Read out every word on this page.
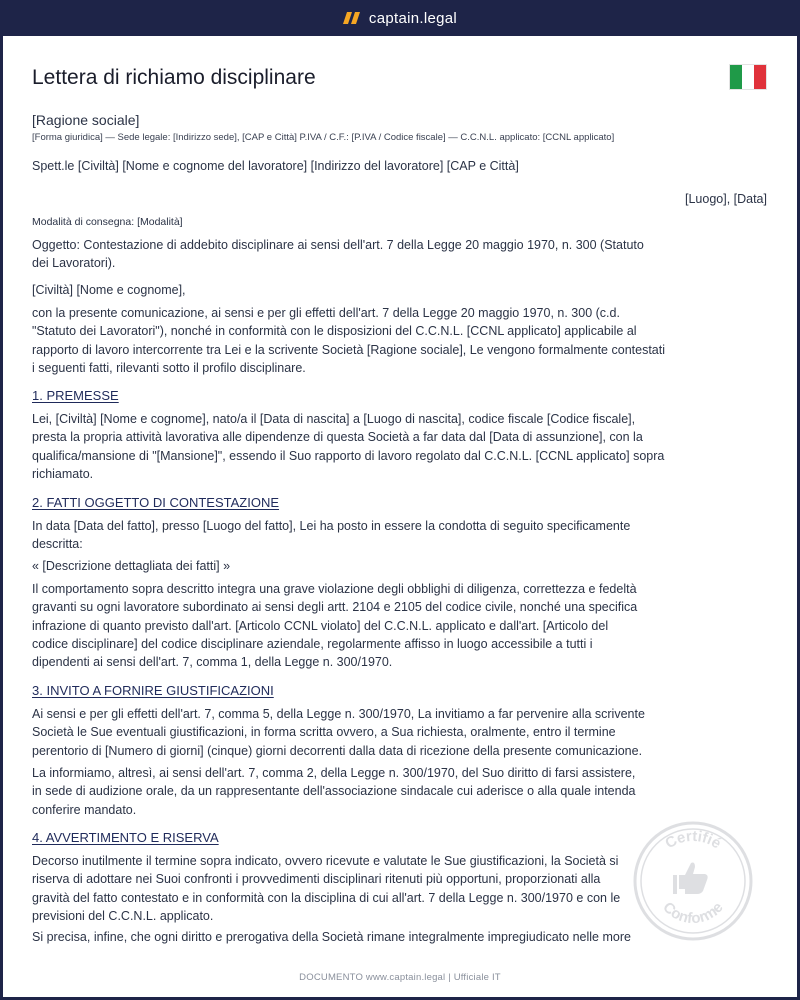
captain.legal
Lettera di richiamo disciplinare
[Ragione sociale]
[Forma giuridica] — Sede legale: [Indirizzo sede], [CAP e Città] P.IVA / C.F.: [P.IVA / Codice fiscale] — C.C.N.L. applicato: [CCNL applicato]
Spett.le [Civiltà] [Nome e cognome del lavoratore] [Indirizzo del lavoratore] [CAP e Città]
[Luogo], [Data]
Modalità di consegna: [Modalità]
Oggetto: Contestazione di addebito disciplinare ai sensi dell'art. 7 della Legge 20 maggio 1970, n. 300 (Statuto
dei Lavoratori).
[Civiltà] [Nome e cognome],
con la presente comunicazione, ai sensi e per gli effetti dell'art. 7 della Legge 20 maggio 1970, n. 300 (c.d.
"Statuto dei Lavoratori"), nonché in conformità con le disposizioni del C.C.N.L. [CCNL applicato] applicabile al
rapporto di lavoro intercorrente tra Lei e la scrivente Società [Ragione sociale], Le vengono formalmente contestati
i seguenti fatti, rilevanti sotto il profilo disciplinare.
1. PREMESSE
Lei, [Civiltà] [Nome e cognome], nato/a il [Data di nascita] a [Luogo di nascita], codice fiscale [Codice fiscale],
presta la propria attività lavorativa alle dipendenze di questa Società a far data dal [Data di assunzione], con la
qualifica/mansione di "[Mansione]", essendo il Suo rapporto di lavoro regolato dal C.C.N.L. [CCNL applicato] sopra
richiamato.
2. FATTI OGGETTO DI CONTESTAZIONE
In data [Data del fatto], presso [Luogo del fatto], Lei ha posto in essere la condotta di seguito specificamente
descritta:
« [Descrizione dettagliata dei fatti] »
Il comportamento sopra descritto integra una grave violazione degli obblighi di diligenza, correttezza e fedeltà
gravanti su ogni lavoratore subordinato ai sensi degli artt. 2104 e 2105 del codice civile, nonché una specifica
infrazione di quanto previsto dall'art. [Articolo CCNL violato] del C.C.N.L. applicato e dall'art. [Articolo del
codice disciplinare] del codice disciplinare aziendale, regolarmente affisso in luogo accessibile a tutti i
dipendenti ai sensi dell'art. 7, comma 1, della Legge n. 300/1970.
3. INVITO A FORNIRE GIUSTIFICAZIONI
Ai sensi e per gli effetti dell'art. 7, comma 5, della Legge n. 300/1970, La invitiamo a far pervenire alla scrivente
Società le Sue eventuali giustificazioni, in forma scritta ovvero, a Sua richiesta, oralmente, entro il termine
perentorio di [Numero di giorni] (cinque) giorni decorrenti dalla data di ricezione della presente comunicazione.
La informiamo, altresì, ai sensi dell'art. 7, comma 2, della Legge n. 300/1970, del Suo diritto di farsi assistere,
in sede di audizione orale, da un rappresentante dell'associazione sindacale cui aderisce o alla quale intenda
conferire mandato.
4. AVVERTIMENTO E RISERVA
Decorso inutilmente il termine sopra indicato, ovvero ricevute e valutate le Sue giustificazioni, la Società si
riserva di adottare nei Suoi confronti i provvedimenti disciplinari ritenuti più opportuni, proporzionati alla
gravità del fatto contestato e in conformità con la disciplina di cui all'art. 7 della Legge n. 300/1970 e con le
previsioni del C.C.N.L. applicato.
Si precisa, infine, che ogni diritto e prerogativa della Società rimane integralmente impregiudicato nelle more
Certifié
Conforme
DOCUMENTO www.captain.legal | Ufficiale IT
